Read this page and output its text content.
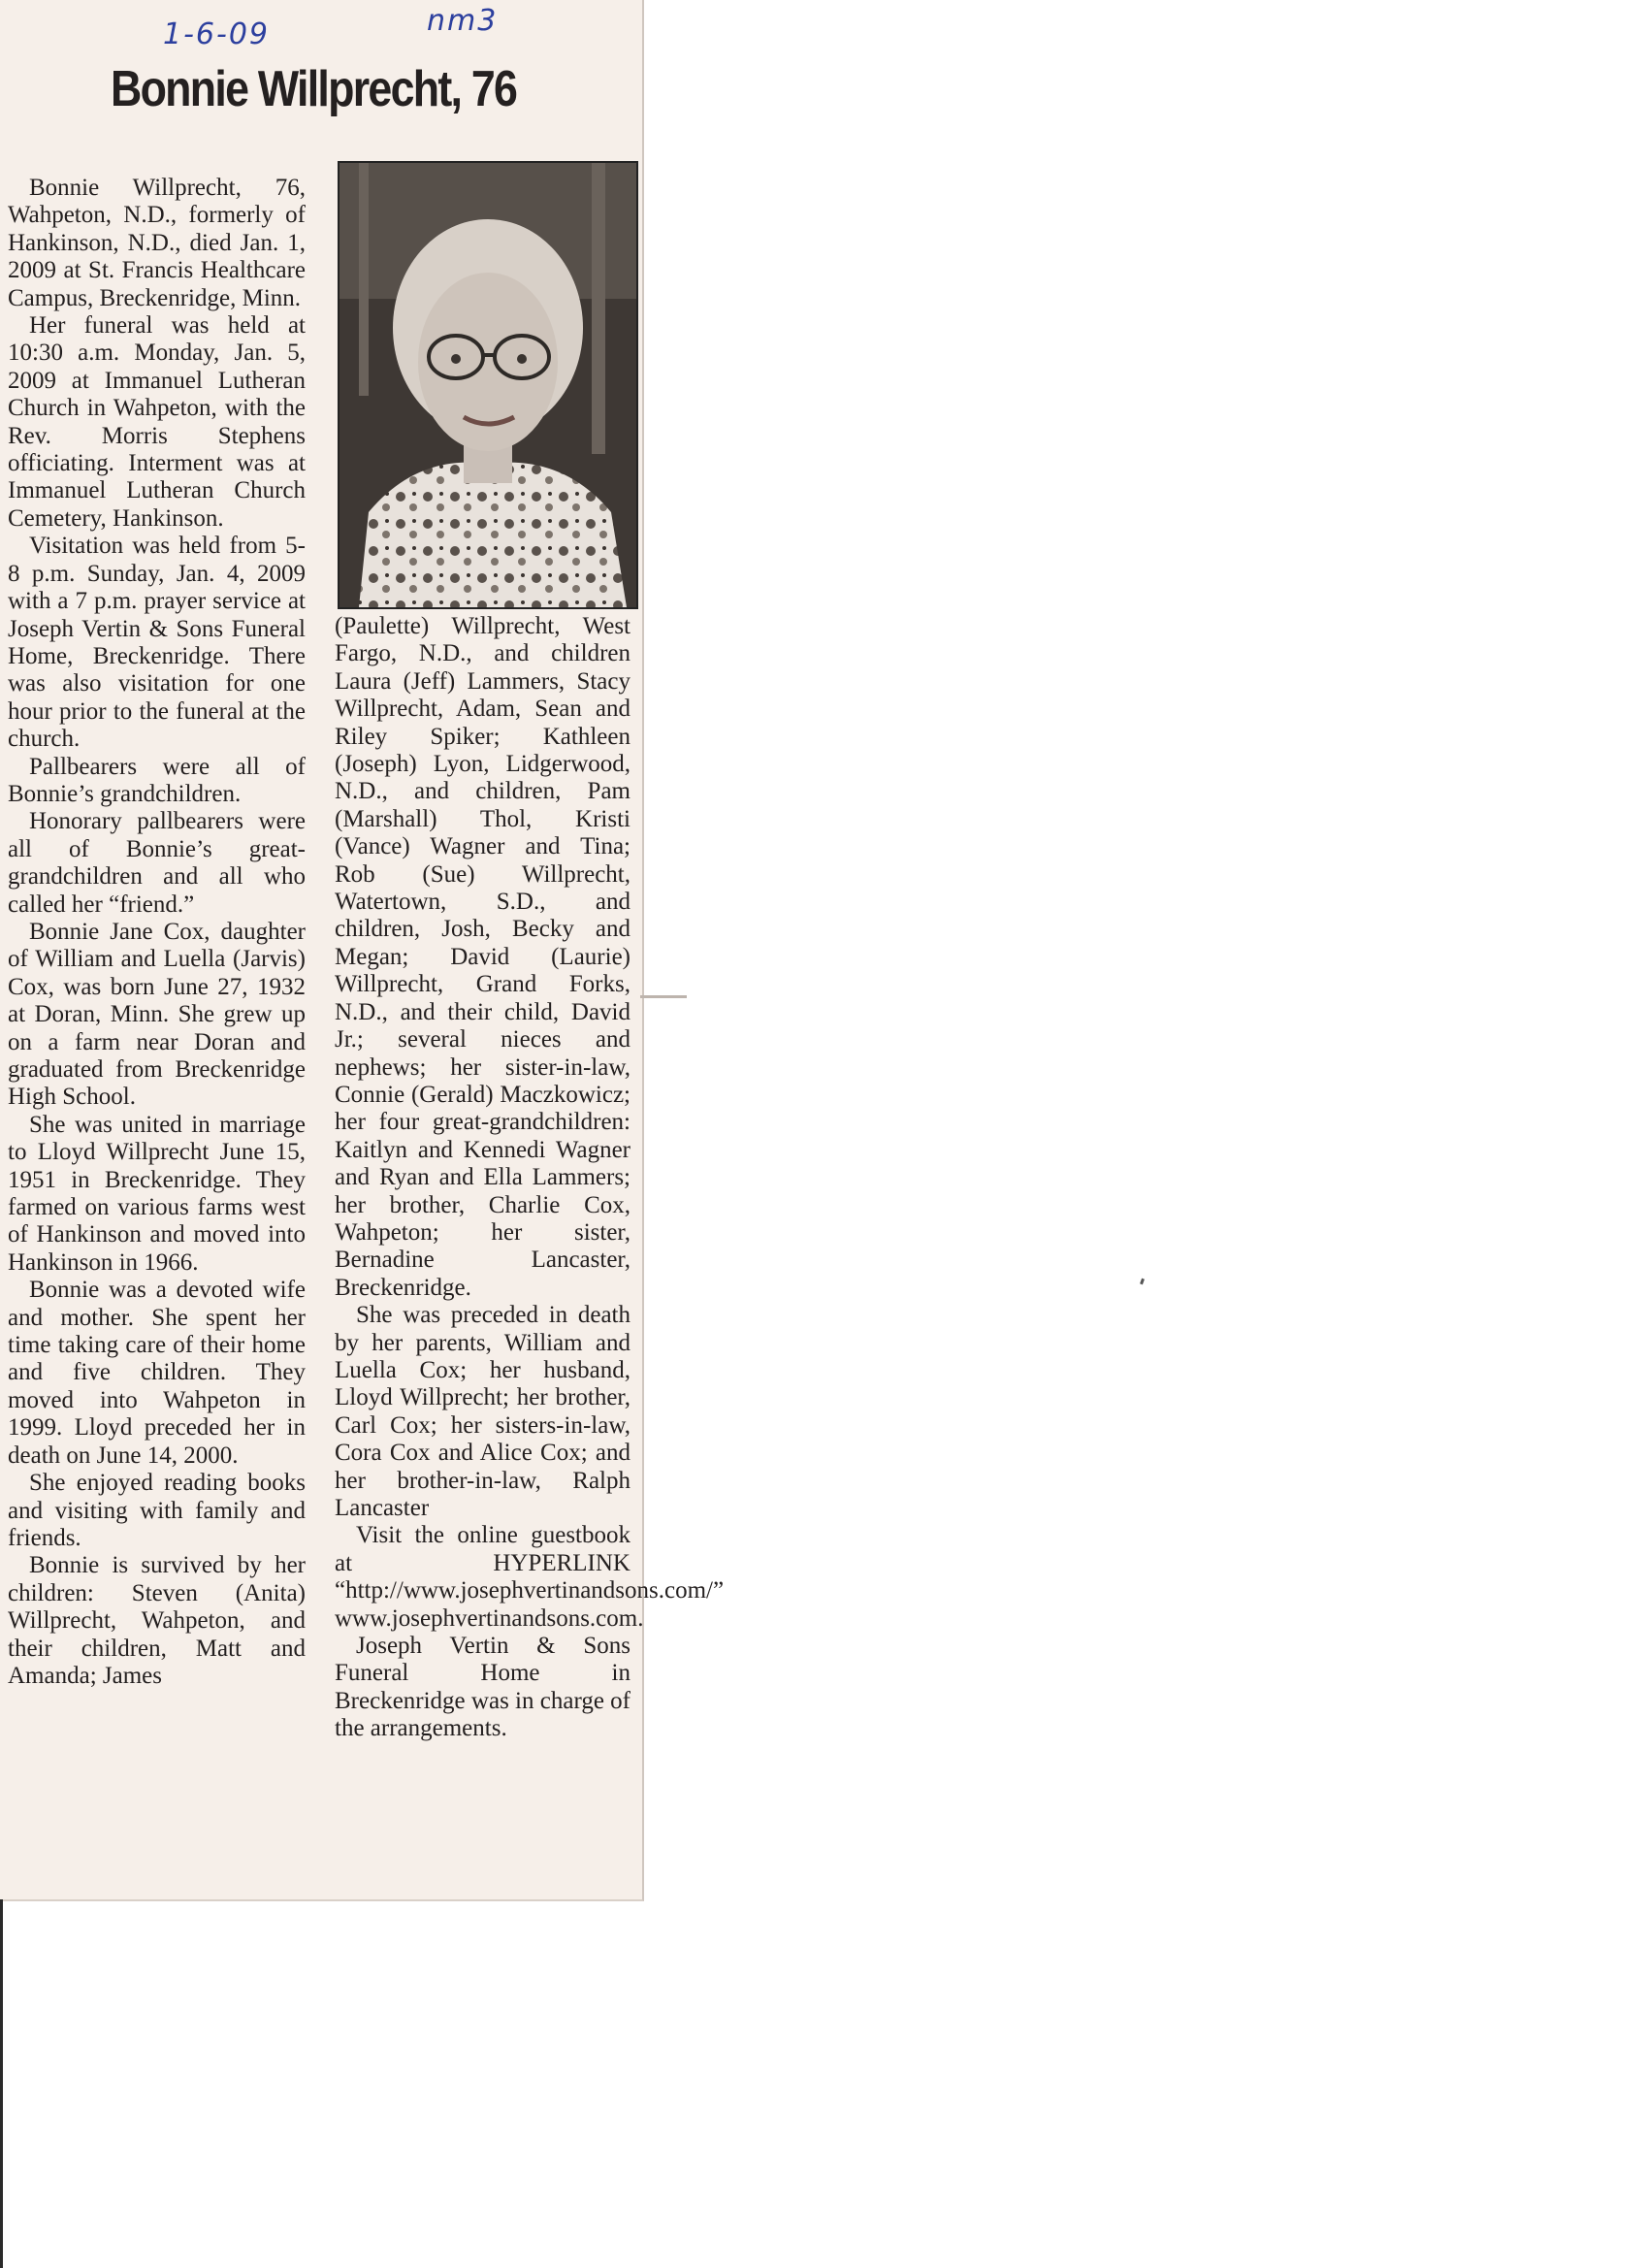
1-6-09	nm3
Bonnie Willprecht, 76

Bonnie Willprecht, 76, Wahpeton, N.D., formerly of Hankinson, N.D., died Jan. 1, 2009 at St. Francis Healthcare Campus, Breckenridge, Minn.

Her funeral was held at 10:30 a.m. Monday, Jan. 5, 2009 at Immanuel Lutheran Church in Wahpeton, with the Rev. Morris Stephens officiating. Interment was at Immanuel Lutheran Church Cemetery, Hankinson.

Visitation was held from 5-8 p.m. Sunday, Jan. 4, 2009 with a 7 p.m. prayer service at Joseph Vertin & Sons Funeral Home, Breckenridge. There was also visitation for one hour prior to the funeral at the church.

Pallbearers were all of Bonnie’s grandchildren.

Honorary pallbearers were all of Bonnie’s great-grandchildren and all who called her “friend.”

Bonnie Jane Cox, daughter of William and Luella (Jarvis) Cox, was born June 27, 1932 at Doran, Minn. She grew up on a farm near Doran and graduated from Breckenridge High School.

She was united in marriage to Lloyd Willprecht June 15, 1951 in Breckenridge. They farmed on various farms west of Hankinson and moved into Hankinson in 1966.

Bonnie was a devoted wife and mother. She spent her time taking care of their home and five children. They moved into Wahpeton in 1999. Lloyd preceded her in death on June 14, 2000.

She enjoyed reading books and visiting with family and friends.

Bonnie is survived by her children: Steven (Anita) Willprecht, Wahpeton, and their children, Matt and Amanda; James

(Paulette) Willprecht, West Fargo, N.D., and children Laura (Jeff) Lammers, Stacy Willprecht, Adam, Sean and Riley Spiker; Kathleen (Joseph) Lyon, Lidgerwood, N.D., and children, Pam (Marshall) Thol, Kristi (Vance) Wagner and Tina; Rob (Sue) Willprecht, Watertown, S.D., and children, Josh, Becky and Megan; David (Laurie) Willprecht, Grand Forks, N.D., and their child, David Jr.; several nieces and nephews; her sister-in-law, Connie (Gerald) Maczkowicz; her four great-grandchildren: Kaitlyn and Kennedi Wagner and Ryan and Ella Lammers; her brother, Charlie Cox, Wahpeton; her sister, Bernadine Lancaster, Breckenridge.

She was preceded in death by her parents, William and Luella Cox; her husband, Lloyd Willprecht; her brother, Carl Cox; her sisters-in-law, Cora Cox and Alice Cox; and her brother-in-law, Ralph Lancaster

Visit the online guestbook at HYPERLINK “http://www.josephvertinandsons.com/” www.josephvertinandsons.com.

Joseph Vertin & Sons Funeral Home in Breckenridge was in charge of the arrangements.
